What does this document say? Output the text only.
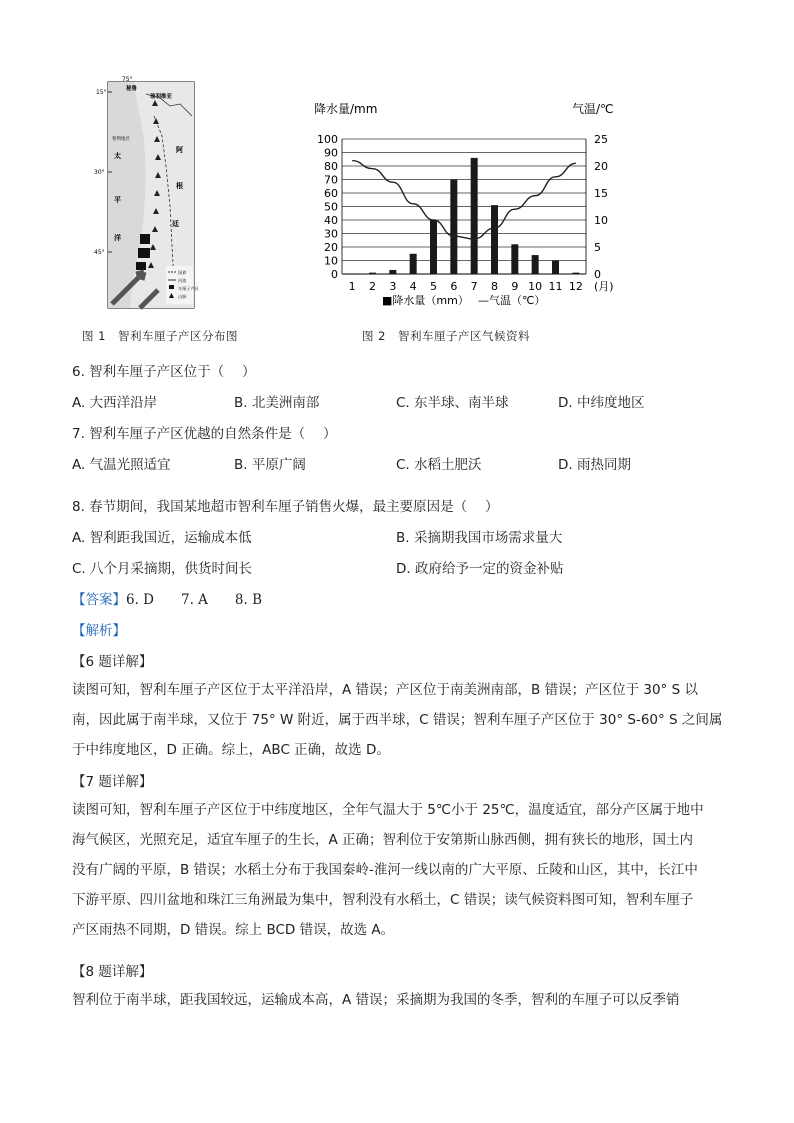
75°
15°
30°
45°
玻利维亚
秘鲁
阿
根
廷
太
平
洋
智利地区
国界
河流
车厘子产区
山脉
降水量/mm	气温/℃
0
10
20
30
40
50
60
70
80
90
100
0
5
10
15
20
25
1 2 3 4 5 6 7 8 9 10 11 12 (月)
■降水量（mm） —气温（℃）
图 1　智利车厘子产区分布图	图 2　智利车厘子产区气候资料
6. 智利车厘子产区位于（　 ）
A. 大西洋沿岸	B. 北美洲南部	C. 东半球、南半球	D. 中纬度地区
7. 智利车厘子产区优越的自然条件是（　 ）
A. 气温光照适宜	B. 平原广阔	C. 水稻土肥沃	D. 雨热同期
8. 春节期间，我国某地超市智利车厘子销售火爆，最主要原因是（　 ）
A. 智利距我国近，运输成本低	B. 采摘期我国市场需求量大
C. 八个月采摘期，供货时间长	D. 政府给予一定的资金补贴
【答案】6. D　　7. A　　8. B
【解析】
【6 题详解】
读图可知，智利车厘子产区位于太平洋沿岸，A 错误；产区位于南美洲南部，B 错误；产区位于 30° S 以
南，因此属于南半球，又位于 75° W 附近，属于西半球，C 错误；智利车厘子产区位于 30° S-60° S 之间属
于中纬度地区，D 正确。综上，ABC 正确，故选 D。
【7 题详解】
读图可知，智利车厘子产区位于中纬度地区，全年气温大于 5℃小于 25℃，温度适宜，部分产区属于地中
海气候区，光照充足，适宜车厘子的生长，A 正确；智利位于安第斯山脉西侧，拥有狭长的地形，国土内
没有广阔的平原，B 错误；水稻土分布于我国秦岭-淮河一线以南的广大平原、丘陵和山区，其中，长江中
下游平原、四川盆地和珠江三角洲最为集中，智利没有水稻土，C 错误；读气候资料图可知，智利车厘子
产区雨热不同期，D 错误。综上 BCD 错误，故选 A。
【8 题详解】
智利位于南半球，距我国较远，运输成本高，A 错误；采摘期为我国的冬季，智利的车厘子可以反季销
